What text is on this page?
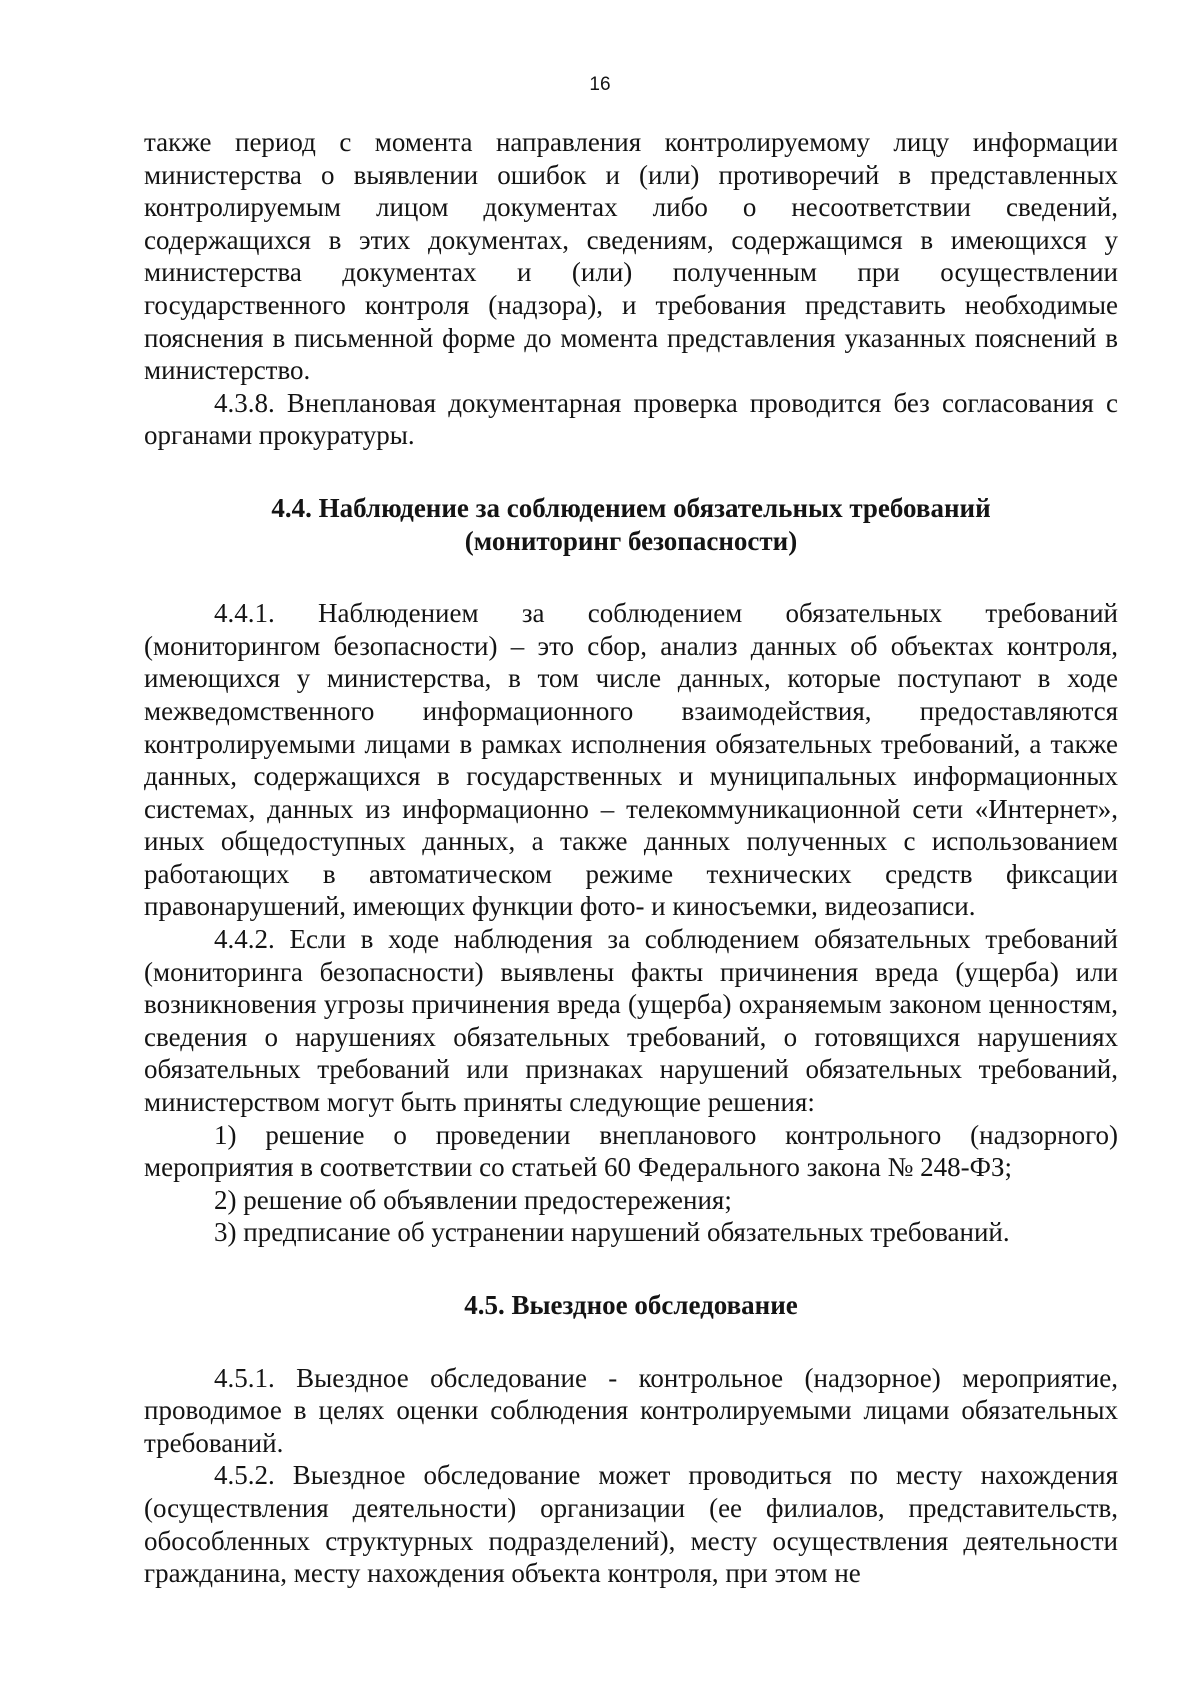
16

также период с момента направления контролируемому лицу информации министерства о выявлении ошибок и (или) противоречий в представленных контролируемым лицом документах либо о несоответствии сведений, содержащихся в этих документах, сведениям, содержащимся в имеющихся у министерства документах и (или) полученным при осуществлении государственного контроля (надзора), и требования представить необходимые пояснения в письменной форме до момента представления указанных пояснений в министерство.

4.3.8. Внеплановая документарная проверка проводится без согласования с органами прокуратуры.

4.4. Наблюдение за соблюдением обязательных требований
(мониторинг безопасности)

4.4.1. Наблюдением за соблюдением обязательных требований (мониторингом безопасности) – это сбор, анализ данных об объектах контроля, имеющихся у министерства, в том числе данных, которые поступают в ходе межведомственного информационного взаимодействия, предоставляются контролируемыми лицами в рамках исполнения обязательных требований, а также данных, содержащихся в государственных и муниципальных информационных системах, данных из информационно – телекоммуникационной сети «Интернет», иных общедоступных данных, а также данных полученных с использованием работающих в автоматическом режиме технических средств фиксации правонарушений, имеющих функции фото- и киносъемки, видеозаписи.

4.4.2. Если в ходе наблюдения за соблюдением обязательных требований (мониторинга безопасности) выявлены факты причинения вреда (ущерба) или возникновения угрозы причинения вреда (ущерба) охраняемым законом ценностям, сведения о нарушениях обязательных требований, о готовящихся нарушениях обязательных требований или признаках нарушений обязательных требований, министерством могут быть приняты следующие решения:

1) решение о проведении внепланового контрольного (надзорного) мероприятия в соответствии со статьей 60 Федерального закона № 248-ФЗ;

2) решение об объявлении предостережения;

3) предписание об устранении нарушений обязательных требований.

4.5. Выездное обследование

4.5.1. Выездное обследование - контрольное (надзорное) мероприятие, проводимое в целях оценки соблюдения контролируемыми лицами обязательных требований.

4.5.2. Выездное обследование может проводиться по месту нахождения (осуществления деятельности) организации (ее филиалов, представительств, обособленных структурных подразделений), месту осуществления деятельности гражданина, месту нахождения объекта контроля, при этом не
